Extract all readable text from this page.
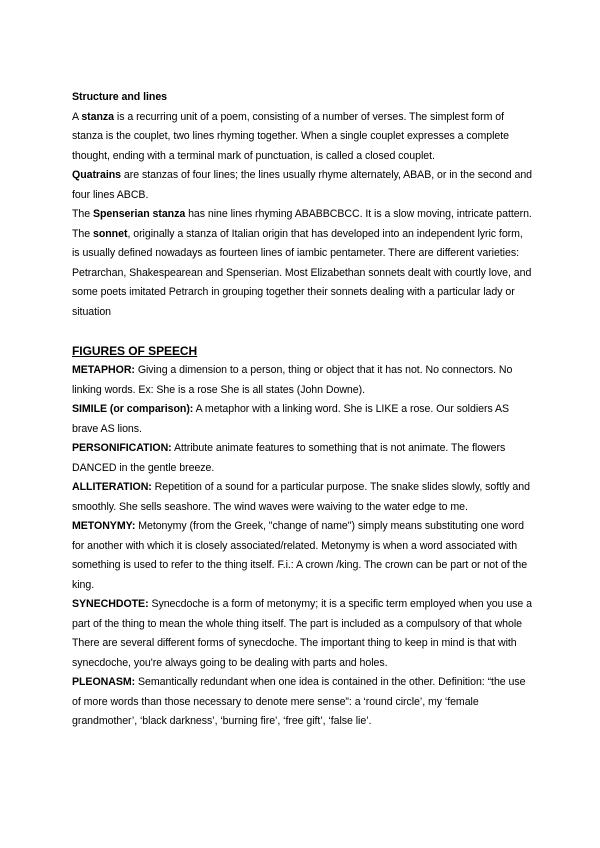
Structure and lines

A stanza is a recurring unit of a poem, consisting of a number of verses. The simplest form of stanza is the couplet, two lines rhyming together. When a single couplet expresses a complete thought, ending with a terminal mark of punctuation, is called a closed couplet.

Quatrains are stanzas of four lines; the lines usually rhyme alternately, ABAB, or in the second and four lines ABCB.

The Spenserian stanza has nine lines rhyming ABABBCBCC. It is a slow moving, intricate pattern.

The sonnet, originally a stanza of Italian origin that has developed into an independent lyric form, is usually defined nowadays as fourteen lines of iambic pentameter. There are different varieties: Petrarchan, Shakespearean and Spenserian. Most Elizabethan sonnets dealt with courtly love, and some poets imitated Petrarch in grouping together their sonnets dealing with a particular lady or situation

FIGURES OF SPEECH

METAPHOR: Giving a dimension to a person, thing or object that it has not. No connectors. No linking words. Ex: She is a rose She is all states (John Downe).

SIMILE (or comparison): A metaphor with a linking word. She is LIKE a rose. Our soldiers AS brave AS lions.

PERSONIFICATION: Attribute animate features to something that is not animate. The flowers DANCED in the gentle breeze.

ALLITERATION: Repetition of a sound for a particular purpose. The snake slides slowly, softly and smoothly. She sells seashore. The wind waves were waiving to the water edge to me.

METONYMY: Metonymy (from the Greek, "change of name") simply means substituting one word for another with which it is closely associated/related. Metonymy is when a word associated with something is used to refer to the thing itself. F.i.: A crown /king. The crown can be part or not of the king.

SYNECHDOTE: Synecdoche is a form of metonymy; it is a specific term employed when you use a part of the thing to mean the whole thing itself. The part is included as a compulsory of that whole There are several different forms of synecdoche. The important thing to keep in mind is that with synecdoche, you're always going to be dealing with parts and holes.

PLEONASM: Semantically redundant when one idea is contained in the other. Definition: “the use of more words than those necessary to denote mere sense”: a ‘round circle’, my ‘female grandmother’, ‘black darkness’, ‘burning fire’, ‘free gift’, ‘false lie’.
